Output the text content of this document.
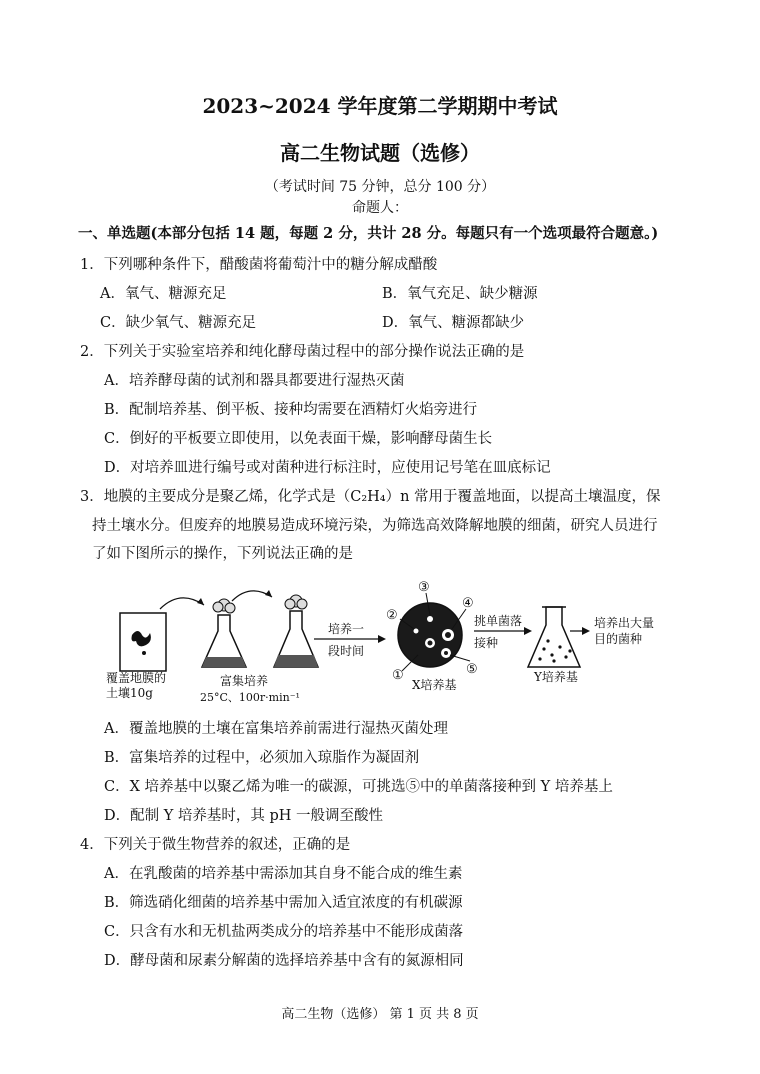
2023~2024 学年度第二学期期中考试
高二生物试题（选修）
（考试时间 75 分钟，总分 100 分）
命题人：
一、单选题(本部分包括 14 题，每题 2 分，共计 28 分。每题只有一个选项最符合题意。)
1．下列哪种条件下，醋酸菌将葡萄汁中的糖分解成醋酸
A．氧气、糖源充足	B．氧气充足、缺少糖源
C．缺少氧气、糖源充足	D．氧气、糖源都缺少
2．下列关于实验室培养和纯化酵母菌过程中的部分操作说法正确的是
A．培养酵母菌的试剂和器具都要进行湿热灭菌
B．配制培养基、倒平板、接种均需要在酒精灯火焰旁进行
C．倒好的平板要立即使用，以免表面干燥，影响酵母菌生长
D．对培养皿进行编号或对菌种进行标注时，应使用记号笔在皿底标记
3．地膜的主要成分是聚乙烯，化学式是（C₂H₄）n 常用于覆盖地面，以提高土壤温度，保
持土壤水分。但废弃的地膜易造成环境污染，为筛选高效降解地膜的细菌，研究人员进行
了如下图所示的操作，下列说法正确的是
覆盖地膜的
土壤10g
富集培养
25°C、100r·min⁻¹
培养一
段时间
③
②
④
⑤
①
X培养基
挑单菌落
接种
Y培养基
培养出大量
目的菌种
A．覆盖地膜的土壤在富集培养前需进行湿热灭菌处理
B．富集培养的过程中，必须加入琼脂作为凝固剂
C．X 培养基中以聚乙烯为唯一的碳源，可挑选⑤中的单菌落接种到 Y 培养基上
D．配制 Y 培养基时，其 pH 一般调至酸性
4．下列关于微生物营养的叙述，正确的是
A．在乳酸菌的培养基中需添加其自身不能合成的维生素
B．筛选硝化细菌的培养基中需加入适宜浓度的有机碳源
C．只含有水和无机盐两类成分的培养基中不能形成菌落
D．酵母菌和尿素分解菌的选择培养基中含有的氮源相同
高二生物（选修） 第 1 页 共 8 页
